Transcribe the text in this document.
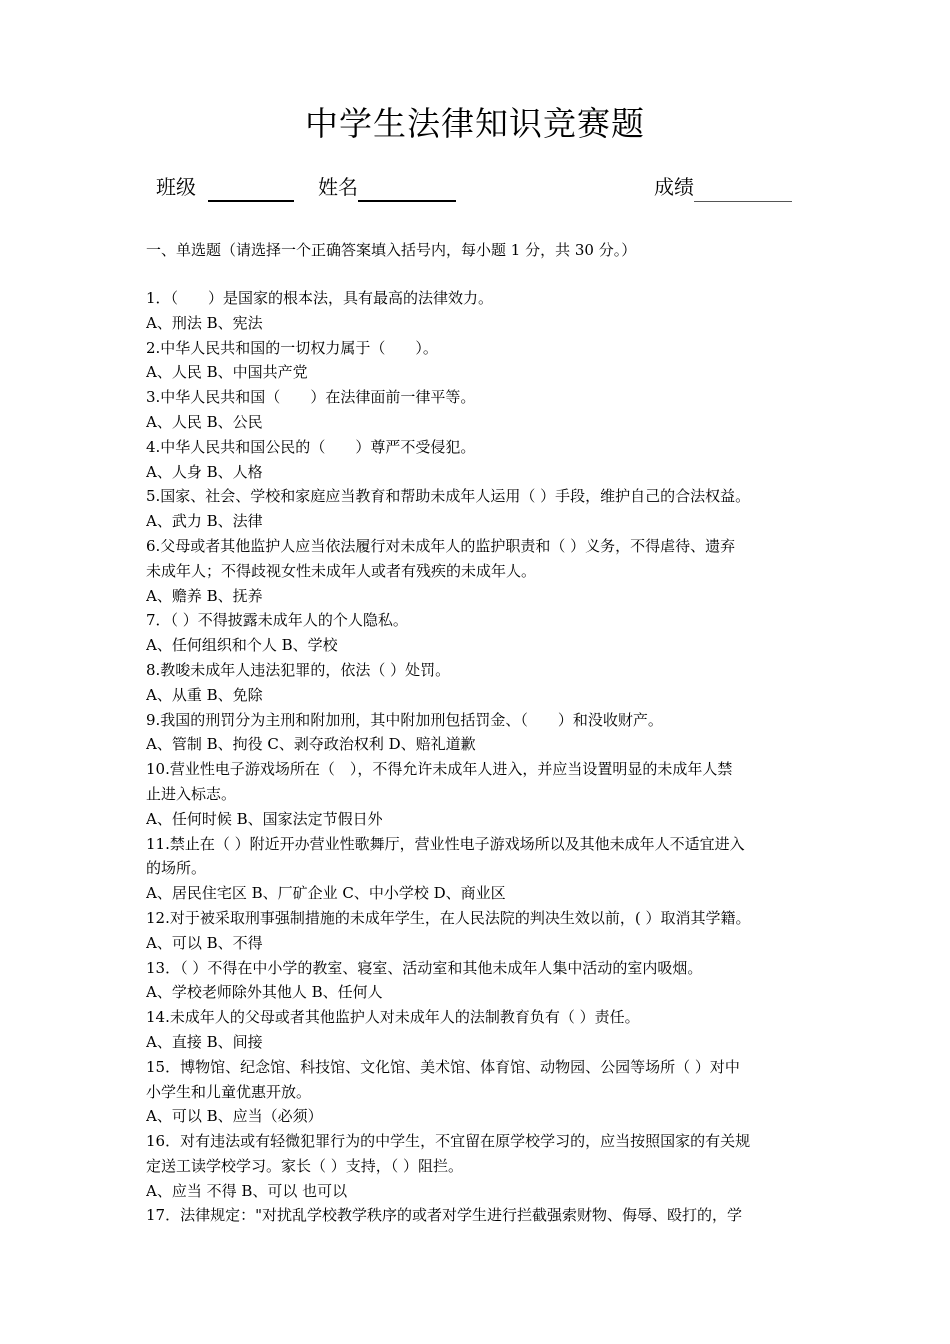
中学生法律知识竞赛题
班级	姓名	成绩
一、单选题（请选择一个正确答案填入括号内，每小题 1 分，共 30 分。）
1．（　　）是国家的根本法，具有最高的法律效力。
A、刑法 B、宪法
2.中华人民共和国的一切权力属于（　　）。
A、人民 B、中国共产党
3.中华人民共和国（　　）在法律面前一律平等。
A、人民 B、公民
4.中华人民共和国公民的（　　）尊严不受侵犯。
A、人身 B、人格
5.国家、社会、学校和家庭应当教育和帮助未成年人运用（ ）手段，维护自己的合法权益。
A、武力 B、法律
6.父母或者其他监护人应当依法履行对未成年人的监护职责和（ ）义务，不得虐待、遗弃
未成年人；不得歧视女性未成年人或者有残疾的未成年人。
A、赡养 B、抚养
7．（ ）不得披露未成年人的个人隐私。
A、任何组织和个人 B、学校
8.教唆未成年人违法犯罪的，依法（ ）处罚。
A、从重 B、免除
9.我国的刑罚分为主刑和附加刑，其中附加刑包括罚金、（　　）和没收财产。
A、管制 B、拘役 C、剥夺政治权利 D、赔礼道歉
10.营业性电子游戏场所在（　），不得允许未成年人进入，并应当设置明显的未成年人禁
止进入标志。
A、任何时候 B、国家法定节假日外
11.禁止在（ ）附近开办营业性歌舞厅，营业性电子游戏场所以及其他未成年人不适宜进入
的场所。
A、居民住宅区 B、厂矿企业 C、中小学校 D、商业区
12.对于被采取刑事强制措施的未成年学生，在人民法院的判决生效以前，( ）取消其学籍。
A、可以 B、不得
13．（ ）不得在中小学的教室、寝室、活动室和其他未成年人集中活动的室内吸烟。
A、学校老师除外其他人 B、任何人
14.未成年人的父母或者其他监护人对未成年人的法制教育负有（ ）责任。
A、直接 B、间接
15．博物馆、纪念馆、科技馆、文化馆、美术馆、体育馆、动物园、公园等场所（ ）对中
小学生和儿童优惠开放。
A、可以 B、应当（必须）
16．对有违法或有轻微犯罪行为的中学生，不宜留在原学校学习的，应当按照国家的有关规
定送工读学校学习。家长（ ）支持，（ ）阻拦。
A、应当 不得 B、可以 也可以
17．法律规定："对扰乱学校教学秩序的或者对学生进行拦截强索财物、侮辱、殴打的，学
